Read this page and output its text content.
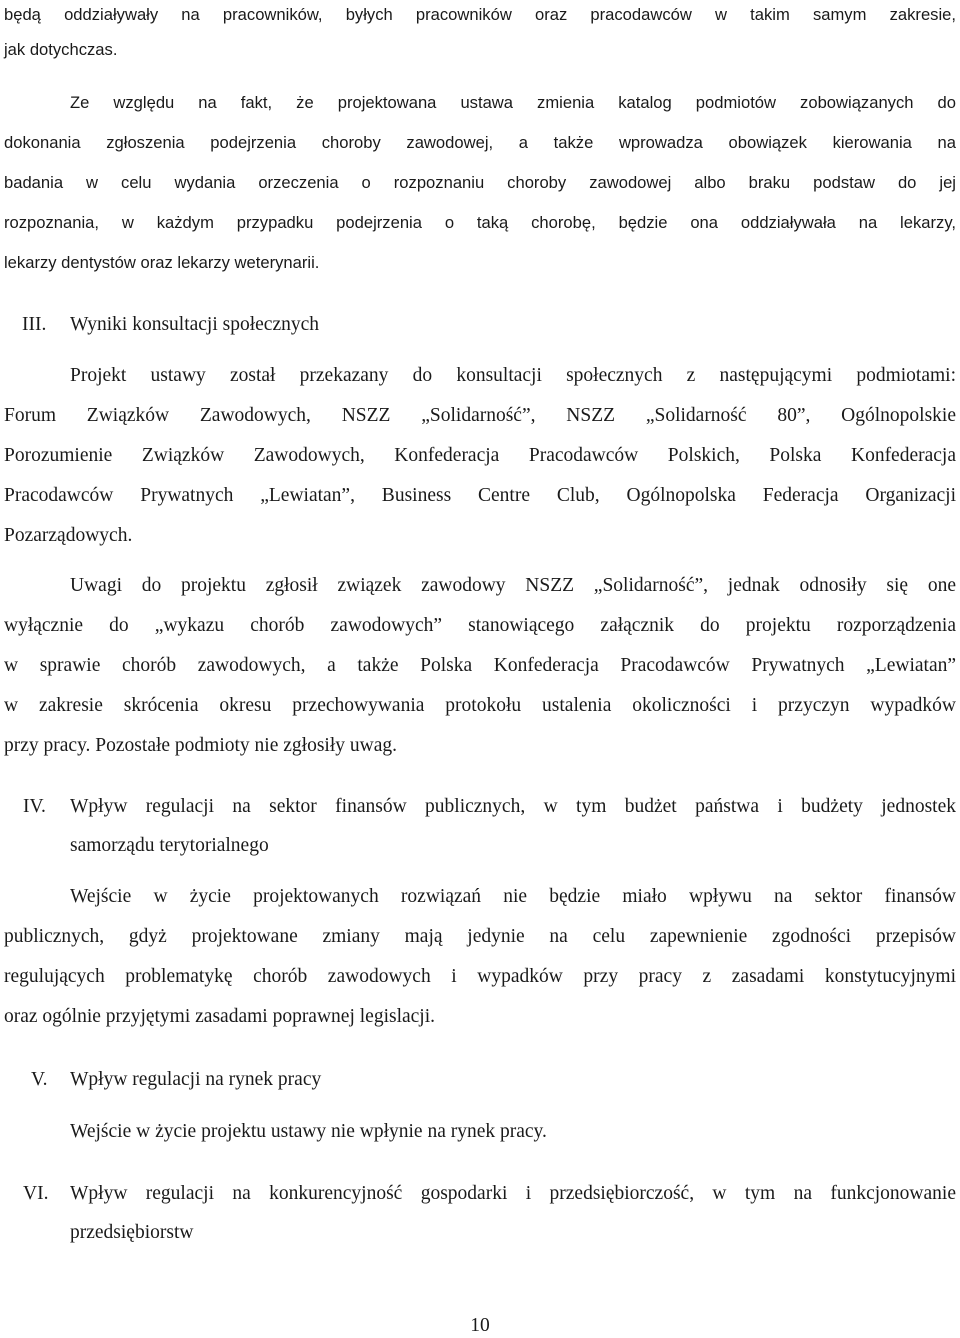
będą oddziaływały na pracowników, byłych pracowników oraz pracodawców w takim samym zakresie,
jak dotychczas.
Ze względu na fakt, że projektowana ustawa zmienia katalog podmiotów zobowiązanych do
dokonania zgłoszenia podejrzenia choroby zawodowej, a także wprowadza obowiązek kierowania na
badania w celu wydania orzeczenia o rozpoznaniu choroby zawodowej albo braku podstaw do jej
rozpoznania, w każdym przypadku podejrzenia o taką chorobę, będzie ona oddziaływała na lekarzy,
lekarzy dentystów oraz lekarzy weterynarii.
III. Wyniki konsultacji społecznych
Projekt ustawy został przekazany do konsultacji społecznych z następującymi podmiotami:
Forum Związków Zawodowych, NSZZ „Solidarność”, NSZZ „Solidarność 80”, Ogólnopolskie
Porozumienie Związków Zawodowych, Konfederacja Pracodawców Polskich, Polska Konfederacja
Pracodawców Prywatnych „Lewiatan”, Business Centre Club, Ogólnopolska Federacja Organizacji
Pozarządowych.
Uwagi do projektu zgłosił związek zawodowy NSZZ „Solidarność”, jednak odnosiły się one
wyłącznie do „wykazu chorób zawodowych” stanowiącego załącznik do projektu rozporządzenia
w sprawie chorób zawodowych, a także Polska Konfederacja Pracodawców Prywatnych „Lewiatan”
w zakresie skrócenia okresu przechowywania protokołu ustalenia okoliczności i przyczyn wypadków
przy pracy. Pozostałe podmioty nie zgłosiły uwag.
IV. Wpływ regulacji na sektor finansów publicznych, w tym budżet państwa i budżety jednostek
samorządu terytorialnego
Wejście w życie projektowanych rozwiązań nie będzie miało wpływu na sektor finansów
publicznych, gdyż projektowane zmiany mają jedynie na celu zapewnienie zgodności przepisów
regulujących problematykę chorób zawodowych i wypadków przy pracy z zasadami konstytucyjnymi
oraz ogólnie przyjętymi zasadami poprawnej legislacji.
V. Wpływ regulacji na rynek pracy
Wejście w życie projektu ustawy nie wpłynie na rynek pracy.
VI. Wpływ regulacji na konkurencyjność gospodarki i przedsiębiorczość, w tym na funkcjonowanie
przedsiębiorstw
10
